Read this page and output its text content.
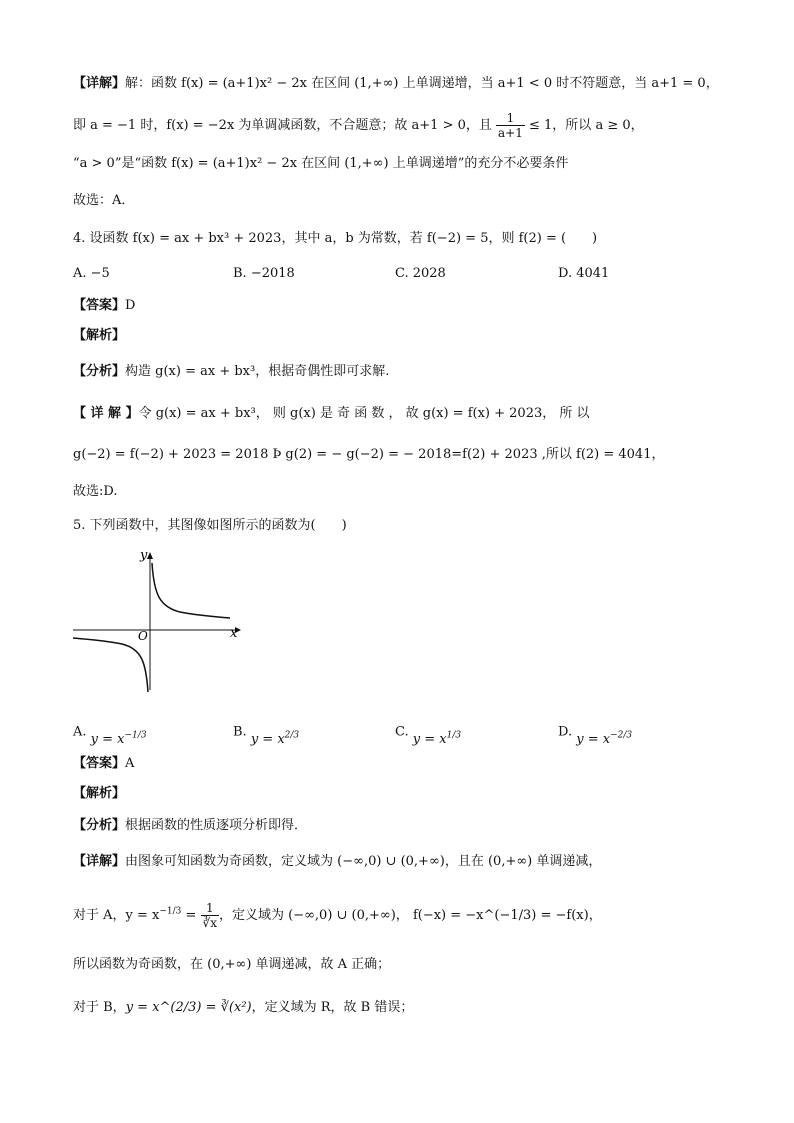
【详解】解：函数 f(x) = (a+1)x² − 2x 在区间 (1,+∞) 上单调递增，当 a+1 < 0 时不符题意，当 a+1 = 0，
即 a = −1 时，f(x) = −2x 为单调减函数，不合题意；故 a+1 > 0，且 $\frac{1}{a+1} \le 1$，所以 a ≥ 0，
“a > 0”是“函数 f(x) = (a+1)x² − 2x 在区间 (1,+∞) 上单调递增”的充分不必要条件
故选：A．
4. 设函数 f(x) = ax + bx³ + 2023，其中 a，b 为常数，若 f(−2) = 5，则 f(2) = (　　)
A. −5	B. −2018	C. 2028	D. 4041
【答案】D
【解析】
【分析】构造 g(x) = ax + bx³，根据奇偶性即可求解.
【 详 解 】令 g(x) = ax + bx³， 则 g(x) 是 奇 函 数 ， 故 g(x) = f(x) + 2023， 所 以
g(−2) = f(−2) + 2023 = 2018 Þ g(2) = − g(−2) = − 2018=f(2) + 2023 ,所以 f(2) = 4041，
故选:D.
5. 下列函数中，其图像如图所示的函数为(　　)
y
x
O
A. $y = x^{-1/3}$	B. $y = x^{2/3}$	C. $y = x^{1/3}$	D. $y = x^{-2/3}$
【答案】A
【解析】
【分析】根据函数的性质逐项分析即得．
【详解】由图象可知函数为奇函数，定义域为 (−∞,0) ∪ (0,+∞)，且在 (0,+∞) 单调递减，
对于 A，$y = x^{-1/3} = \frac{1}{∛x}$ ，定义域为 (−∞,0) ∪ (0,+∞)， f(−x) = −x^(−1/3) = −f(x)，
所以函数为奇函数，在 (0,+∞) 单调递减，故 A 正确；
对于 B，y = x^(2/3) = ∛(x²)，定义域为 R，故 B 错误；
